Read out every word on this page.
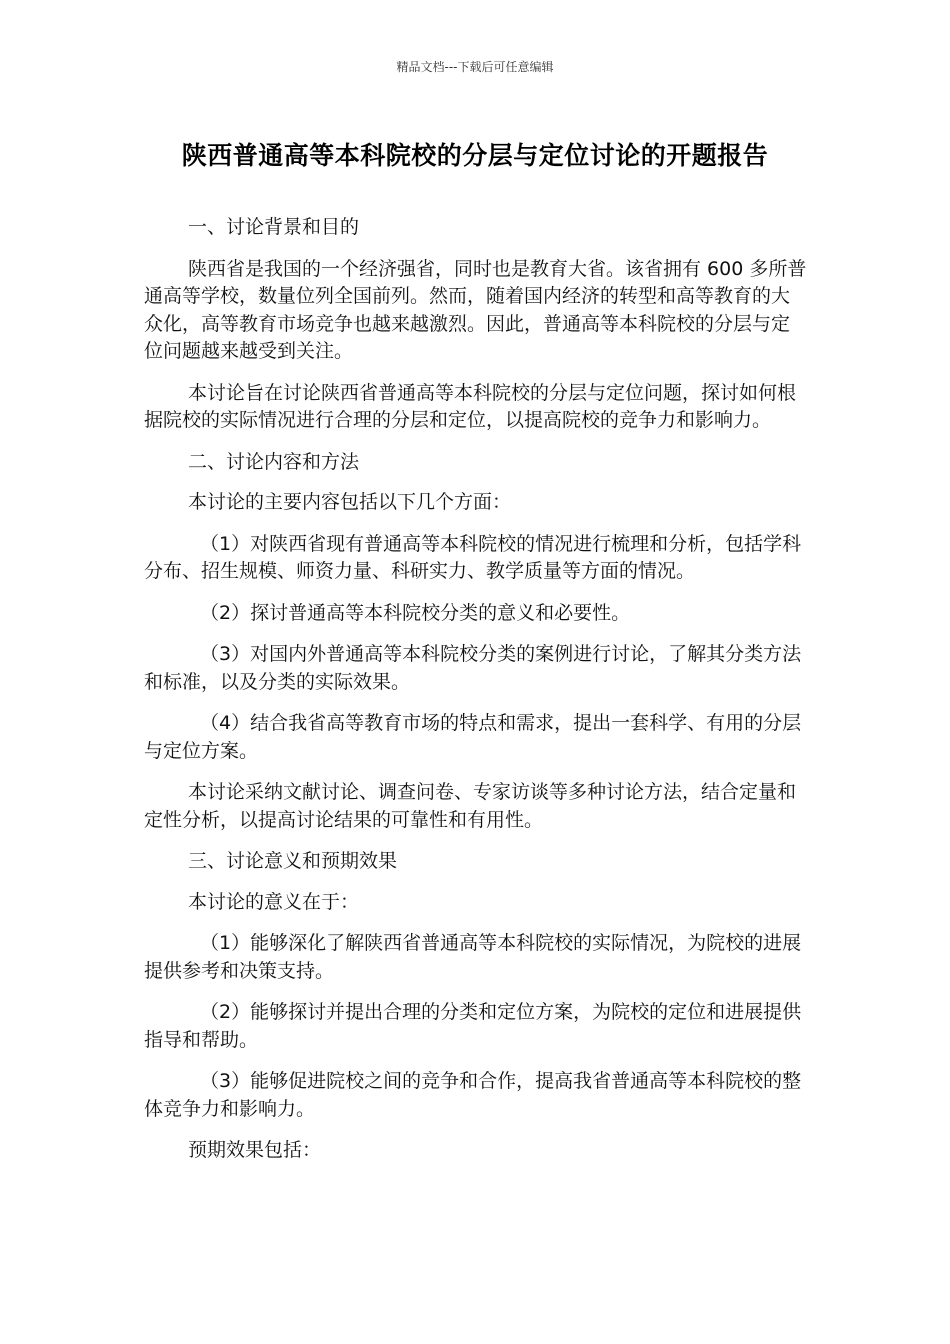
精品文档---下载后可任意编辑
陕西普通高等本科院校的分层与定位讨论的开题报告

一、讨论背景和目的

陕西省是我国的一个经济强省，同时也是教育大省。该省拥有 600 多所普通高等学校，数量位列全国前列。然而，随着国内经济的转型和高等教育的大众化，高等教育市场竞争也越来越激烈。因此，普通高等本科院校的分层与定位问题越来越受到关注。

本讨论旨在讨论陕西省普通高等本科院校的分层与定位问题，探讨如何根据院校的实际情况进行合理的分层和定位，以提高院校的竞争力和影响力。

二、讨论内容和方法

本讨论的主要内容包括以下几个方面：

（1）对陕西省现有普通高等本科院校的情况进行梳理和分析，包括学科分布、招生规模、师资力量、科研实力、教学质量等方面的情况。

（2）探讨普通高等本科院校分类的意义和必要性。

（3）对国内外普通高等本科院校分类的案例进行讨论，了解其分类方法和标准，以及分类的实际效果。

（4）结合我省高等教育市场的特点和需求，提出一套科学、有用的分层与定位方案。

本讨论采纳文献讨论、调查问卷、专家访谈等多种讨论方法，结合定量和定性分析，以提高讨论结果的可靠性和有用性。

三、讨论意义和预期效果

本讨论的意义在于：

（1）能够深化了解陕西省普通高等本科院校的实际情况，为院校的进展提供参考和决策支持。

（2）能够探讨并提出合理的分类和定位方案，为院校的定位和进展提供指导和帮助。

（3）能够促进院校之间的竞争和合作，提高我省普通高等本科院校的整体竞争力和影响力。

预期效果包括：
